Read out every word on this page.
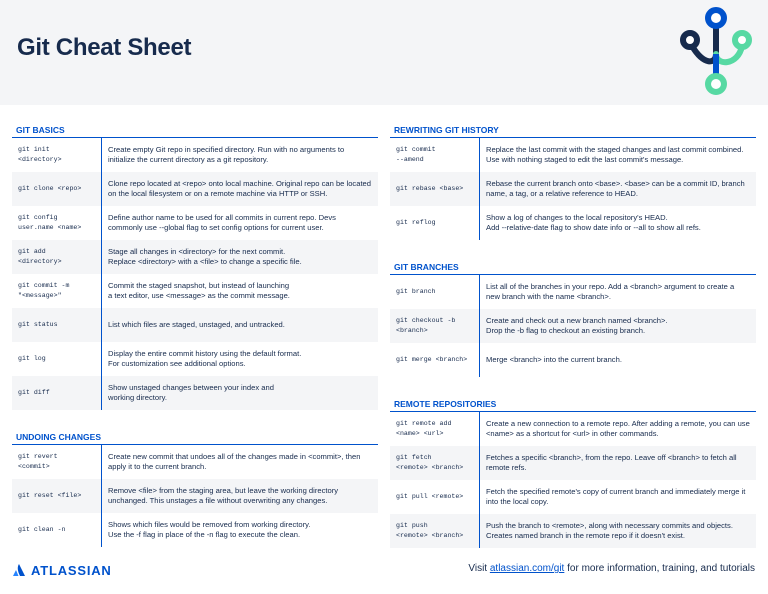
Git Cheat Sheet
GIT BASICS
git init
<directory>	Create empty Git repo in specified directory. Run with no arguments to initialize the current directory as a git repository.
git clone <repo>	Clone repo located at <repo> onto local machine. Original repo can be located on the local filesystem or on a remote machine via HTTP or SSH.
git config
user.name <name>	Define author name to be used for all commits in current repo. Devs commonly use --global flag to set config options for current user.
git add
<directory>	Stage all changes in <directory> for the next commit.
Replace <directory> with a <file> to change a specific file.
git commit -m
"<message>"	Commit the staged snapshot, but instead of launching
a text editor, use <message> as the commit message.
git status	List which files are staged, unstaged, and untracked.
git log	Display the entire commit history using the default format.
For customization see additional options.
git diff	Show unstaged changes between your index and
working directory.
UNDOING CHANGES
git revert
<commit>	Create new commit that undoes all of the changes made in <commit>, then apply it to the current branch.
git reset <file>	Remove <file> from the staging area, but leave the working directory unchanged. This unstages a file without overwriting any changes.
git clean -n	Shows which files would be removed from working directory.
Use the -f flag in place of the -n flag to execute the clean.
REWRITING GIT HISTORY
git commit
--amend	Replace the last commit with the staged changes and last commit combined. Use with nothing staged to edit the last commit's message.
git rebase <base>	Rebase the current branch onto <base>. <base> can be a commit ID, branch name, a tag, or a relative reference to HEAD.
git reflog	Show a log of changes to the local repository's HEAD.
Add --relative-date flag to show date info or --all to show all refs.
GIT BRANCHES
git branch	List all of the branches in your repo. Add a <branch> argument to create a new branch with the name <branch>.
git checkout -b
<branch>	Create and check out a new branch named <branch>.
Drop the -b flag to checkout an existing branch.
git merge <branch>	Merge <branch> into the current branch.
REMOTE REPOSITORIES
git remote add
<name> <url>	Create a new connection to a remote repo. After adding a remote, you can use <name> as a shortcut for <url> in other commands.
git fetch
<remote> <branch>	Fetches a specific <branch>, from the repo. Leave off <branch> to fetch all remote refs.
git pull <remote>	Fetch the specified remote's copy of current branch and immediately merge it into the local copy.
git push
<remote> <branch>	Push the branch to <remote>, along with necessary commits and objects. Creates named branch in the remote repo if it doesn't exist.
ATLASSIAN	Visit atlassian.com/git for more information, training, and tutorials
